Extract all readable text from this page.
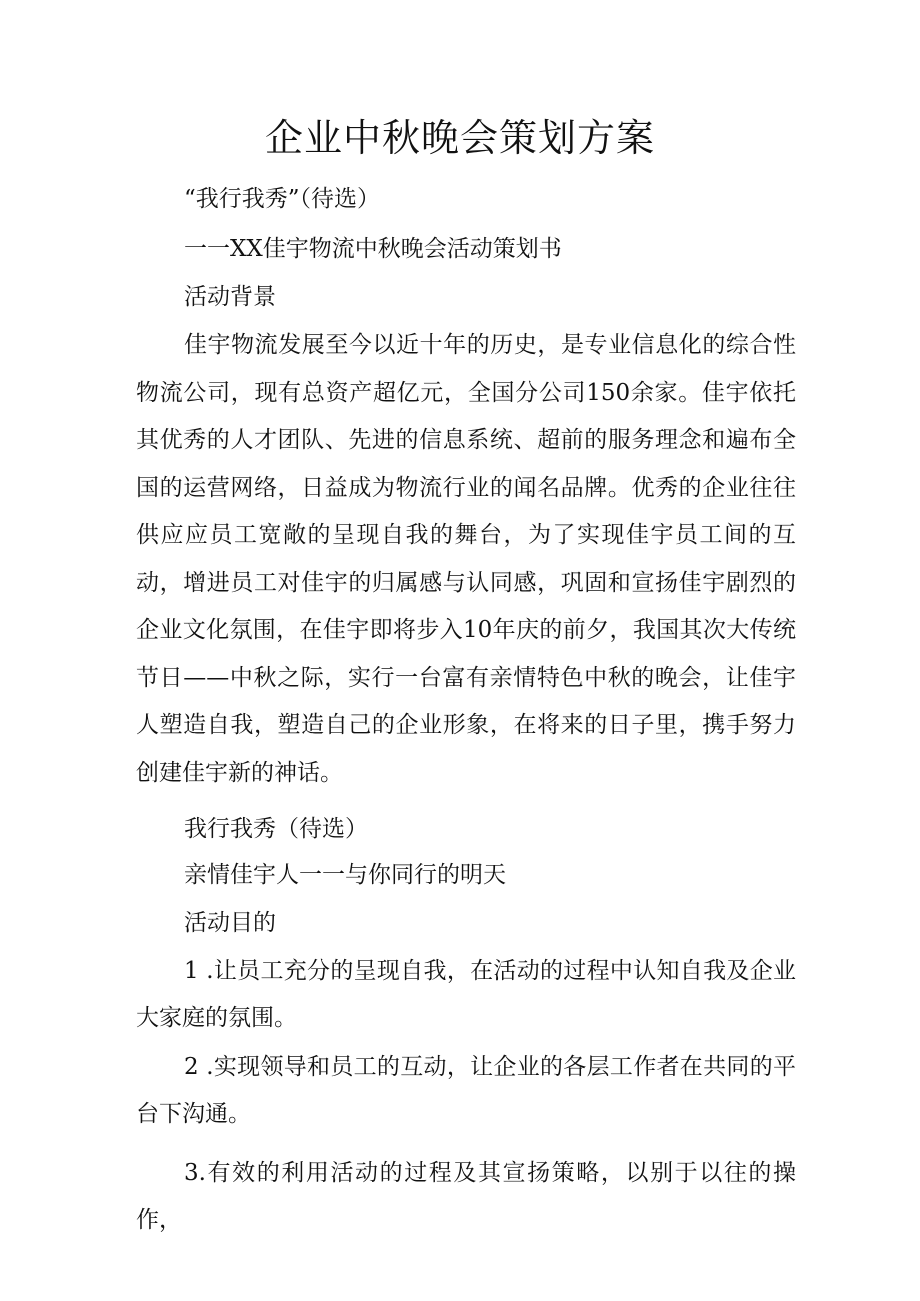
企业中秋晚会策划方案

“我行我秀”（待选）

一一XX佳宇物流中秋晚会活动策划书

活动背景

佳宇物流发展至今以近十年的历史，是专业信息化的综合性物流公司，现有总资产超亿元，全国分公司150余家。佳宇依托其优秀的人才团队、先进的信息系统、超前的服务理念和遍布全国的运营网络，日益成为物流行业的闻名品牌。优秀的企业往往供应应员工宽敞的呈现自我的舞台，为了实现佳宇员工间的互动，增进员工对佳宇的归属感与认同感，巩固和宣扬佳宇剧烈的企业文化氛围，在佳宇即将步入10年庆的前夕，我国其次大传统节日——中秋之际，实行一台富有亲情特色中秋的晚会，让佳宇人塑造自我，塑造自己的企业形象，在将来的日子里，携手努力创建佳宇新的神话。

我行我秀（待选）

亲情佳宇人一一与你同行的明天

活动目的

1 .让员工充分的呈现自我，在活动的过程中认知自我及企业大家庭的氛围。

2 .实现领导和员工的互动，让企业的各层工作者在共同的平台下沟通。

3.有效的利用活动的过程及其宣扬策略，以别于以往的操作，
